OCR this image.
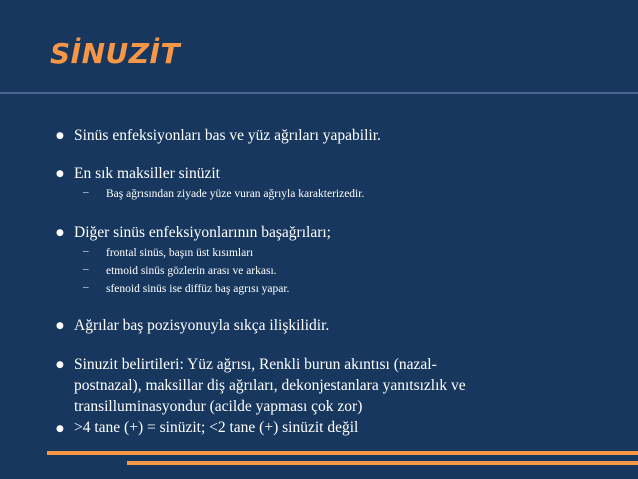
SİNUZİT
● Sinüs enfeksiyonları bas ve yüz ağrıları yapabilir.
● En sık maksiller sinüzit
– Baş ağrısından ziyade yüze vuran ağrıyla karakterizedir.
● Diğer sinüs enfeksiyonlarının başağrıları;
– frontal sinüs, başın üst kısımları
– etmoid sinüs gözlerin arası ve arkası.
– sfenoid sinüs ise diffüz baş agrısı yapar.
● Ağrılar baş pozisyonuyla sıkça ilişkilidir.
● Sinuzit belirtileri: Yüz ağrısı, Renkli burun akıntısı (nazal-
postnazal), maksillar diş ağrıları, dekonjestanlara yanıtsızlık ve
transilluminasyondur (acilde yapması çok zor)
● >4 tane (+) = sinüzit; <2 tane (+) sinüzit değil
